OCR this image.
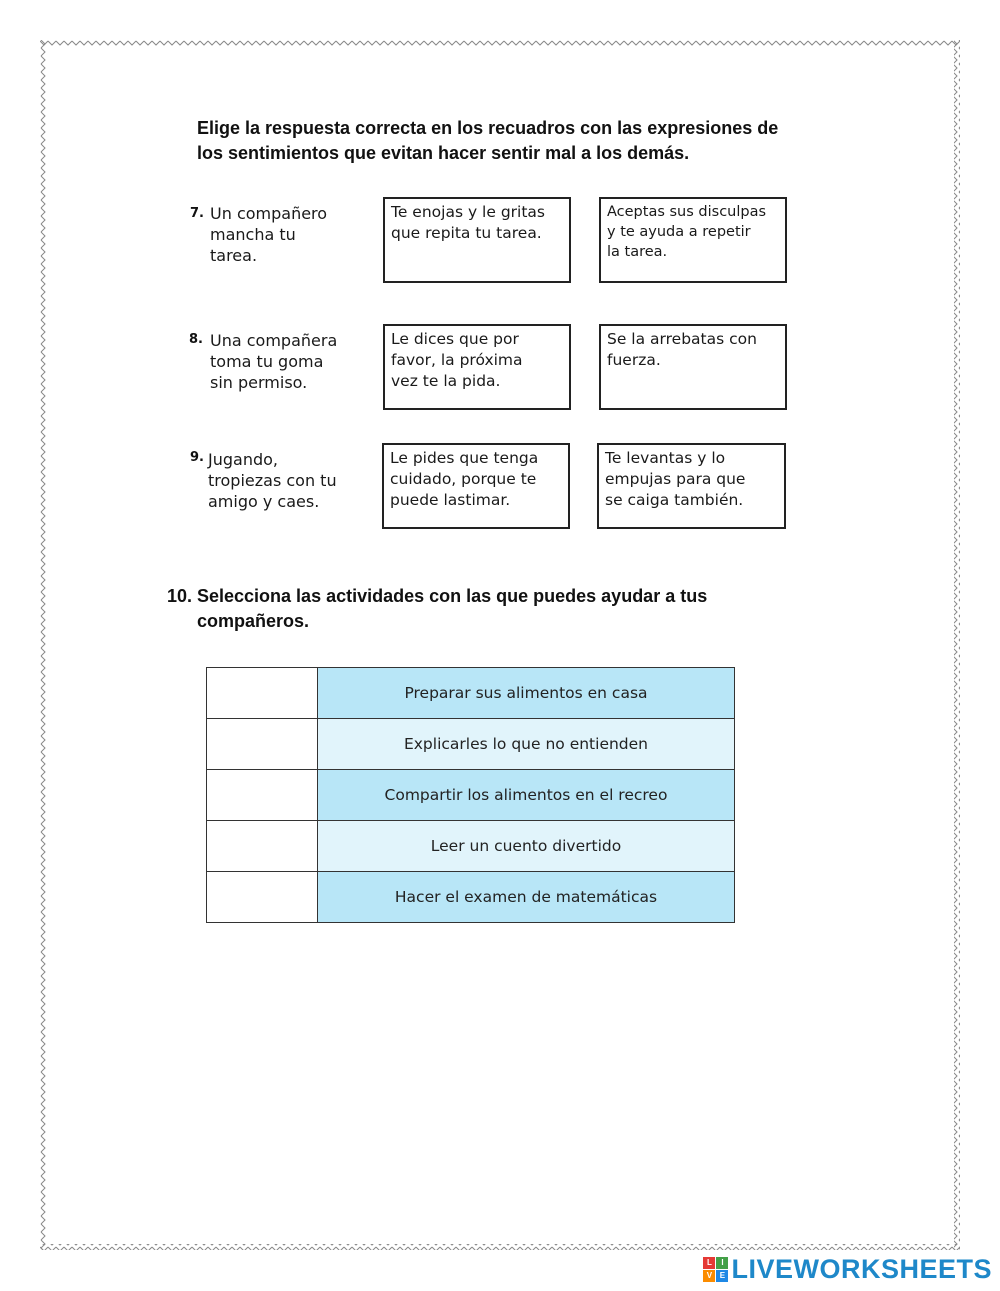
Elige la respuesta correcta en los recuadros con las expresiones de
los sentimientos que evitan hacer sentir mal a los demás.
7. Un compañero
mancha tu
tarea.
Te enojas y le gritas
que repita tu tarea.
Aceptas sus disculpas
y te ayuda a repetir
la tarea.
8. Una compañera
toma tu goma
sin permiso.
Le dices que por
favor, la próxima
vez te la pida.
Se la arrebatas con
fuerza.
9. Jugando,
tropiezas con tu
amigo y caes.
Le pides que tenga
cuidado, porque te
puede lastimar.
Te levantas y lo
empujas para que
se caiga también.
10. Selecciona las actividades con las que puedes ayudar a tus
compañeros.
Preparar sus alimentos en casa
Explicarles lo que no entienden
Compartir los alimentos en el recreo
Leer un cuento divertido
Hacer el examen de matemáticas
L	I
V E LIVEWORKSHEETS
